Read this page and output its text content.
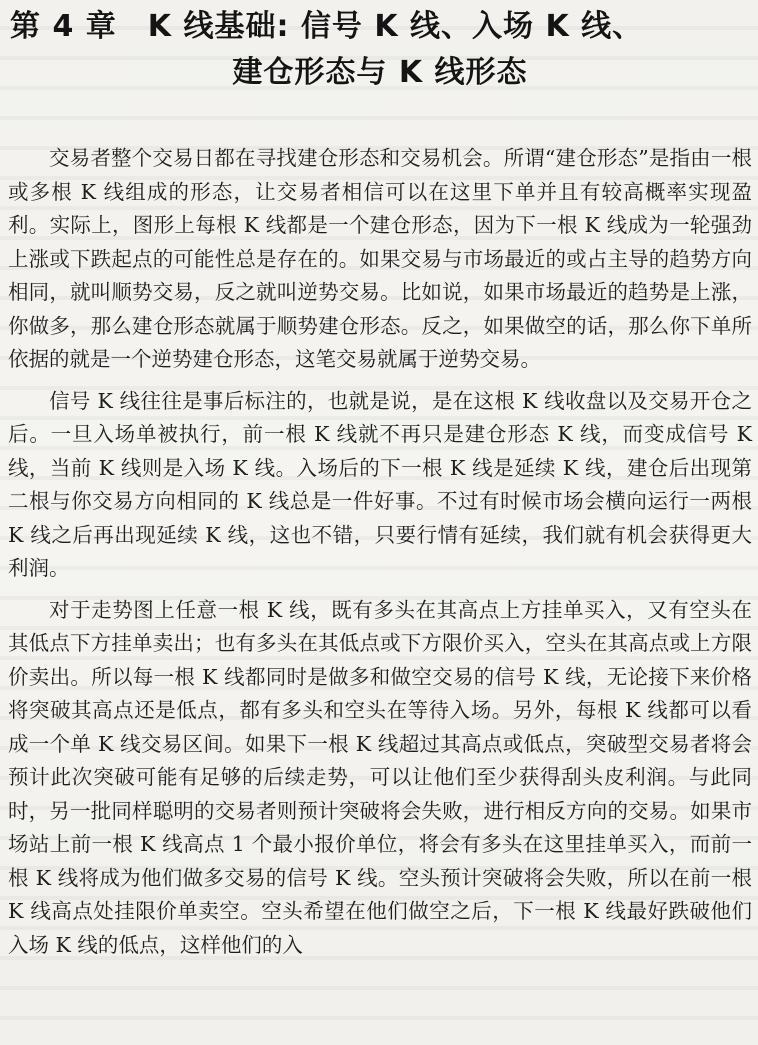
第 4 章　K 线基础: 信号 K 线、入场 K 线、
建仓形态与 K 线形态

交易者整个交易日都在寻找建仓形态和交易机会。所谓“建仓形态”是指由一根或多根 K 线组成的形态，让交易者相信可以在这里下单并且有较高概率实现盈利。实际上，图形上每根 K 线都是一个建仓形态，因为下一根 K 线成为一轮强劲上涨或下跌起点的可能性总是存在的。如果交易与市场最近的或占主导的趋势方向相同，就叫顺势交易，反之就叫逆势交易。比如说，如果市场最近的趋势是上涨，你做多，那么建仓形态就属于顺势建仓形态。反之，如果做空的话，那么你下单所依据的就是一个逆势建仓形态，这笔交易就属于逆势交易。

信号 K 线往往是事后标注的，也就是说，是在这根 K 线收盘以及交易开仓之后。一旦入场单被执行，前一根 K 线就不再只是建仓形态 K 线，而变成信号 K 线，当前 K 线则是入场 K 线。入场后的下一根 K 线是延续 K 线，建仓后出现第二根与你交易方向相同的 K 线总是一件好事。不过有时候市场会横向运行一两根 K 线之后再出现延续 K 线，这也不错，只要行情有延续，我们就有机会获得更大利润。

对于走势图上任意一根 K 线，既有多头在其高点上方挂单买入，又有空头在其低点下方挂单卖出；也有多头在其低点或下方限价买入，空头在其高点或上方限价卖出。所以每一根 K 线都同时是做多和做空交易的信号 K 线，无论接下来价格将突破其高点还是低点，都有多头和空头在等待入场。另外，每根 K 线都可以看成一个单 K 线交易区间。如果下一根 K 线超过其高点或低点，突破型交易者将会预计此次突破可能有足够的后续走势，可以让他们至少获得刮头皮利润。与此同时，另一批同样聪明的交易者则预计突破将会失败，进行相反方向的交易。如果市场站上前一根 K 线高点 1 个最小报价单位，将会有多头在这里挂单买入，而前一根 K 线将成为他们做多交易的信号 K 线。空头预计突破将会失败，所以在前一根 K 线高点处挂限价单卖空。空头希望在他们做空之后，下一根 K 线最好跌破他们入场 K 线的低点，这样他们的入
